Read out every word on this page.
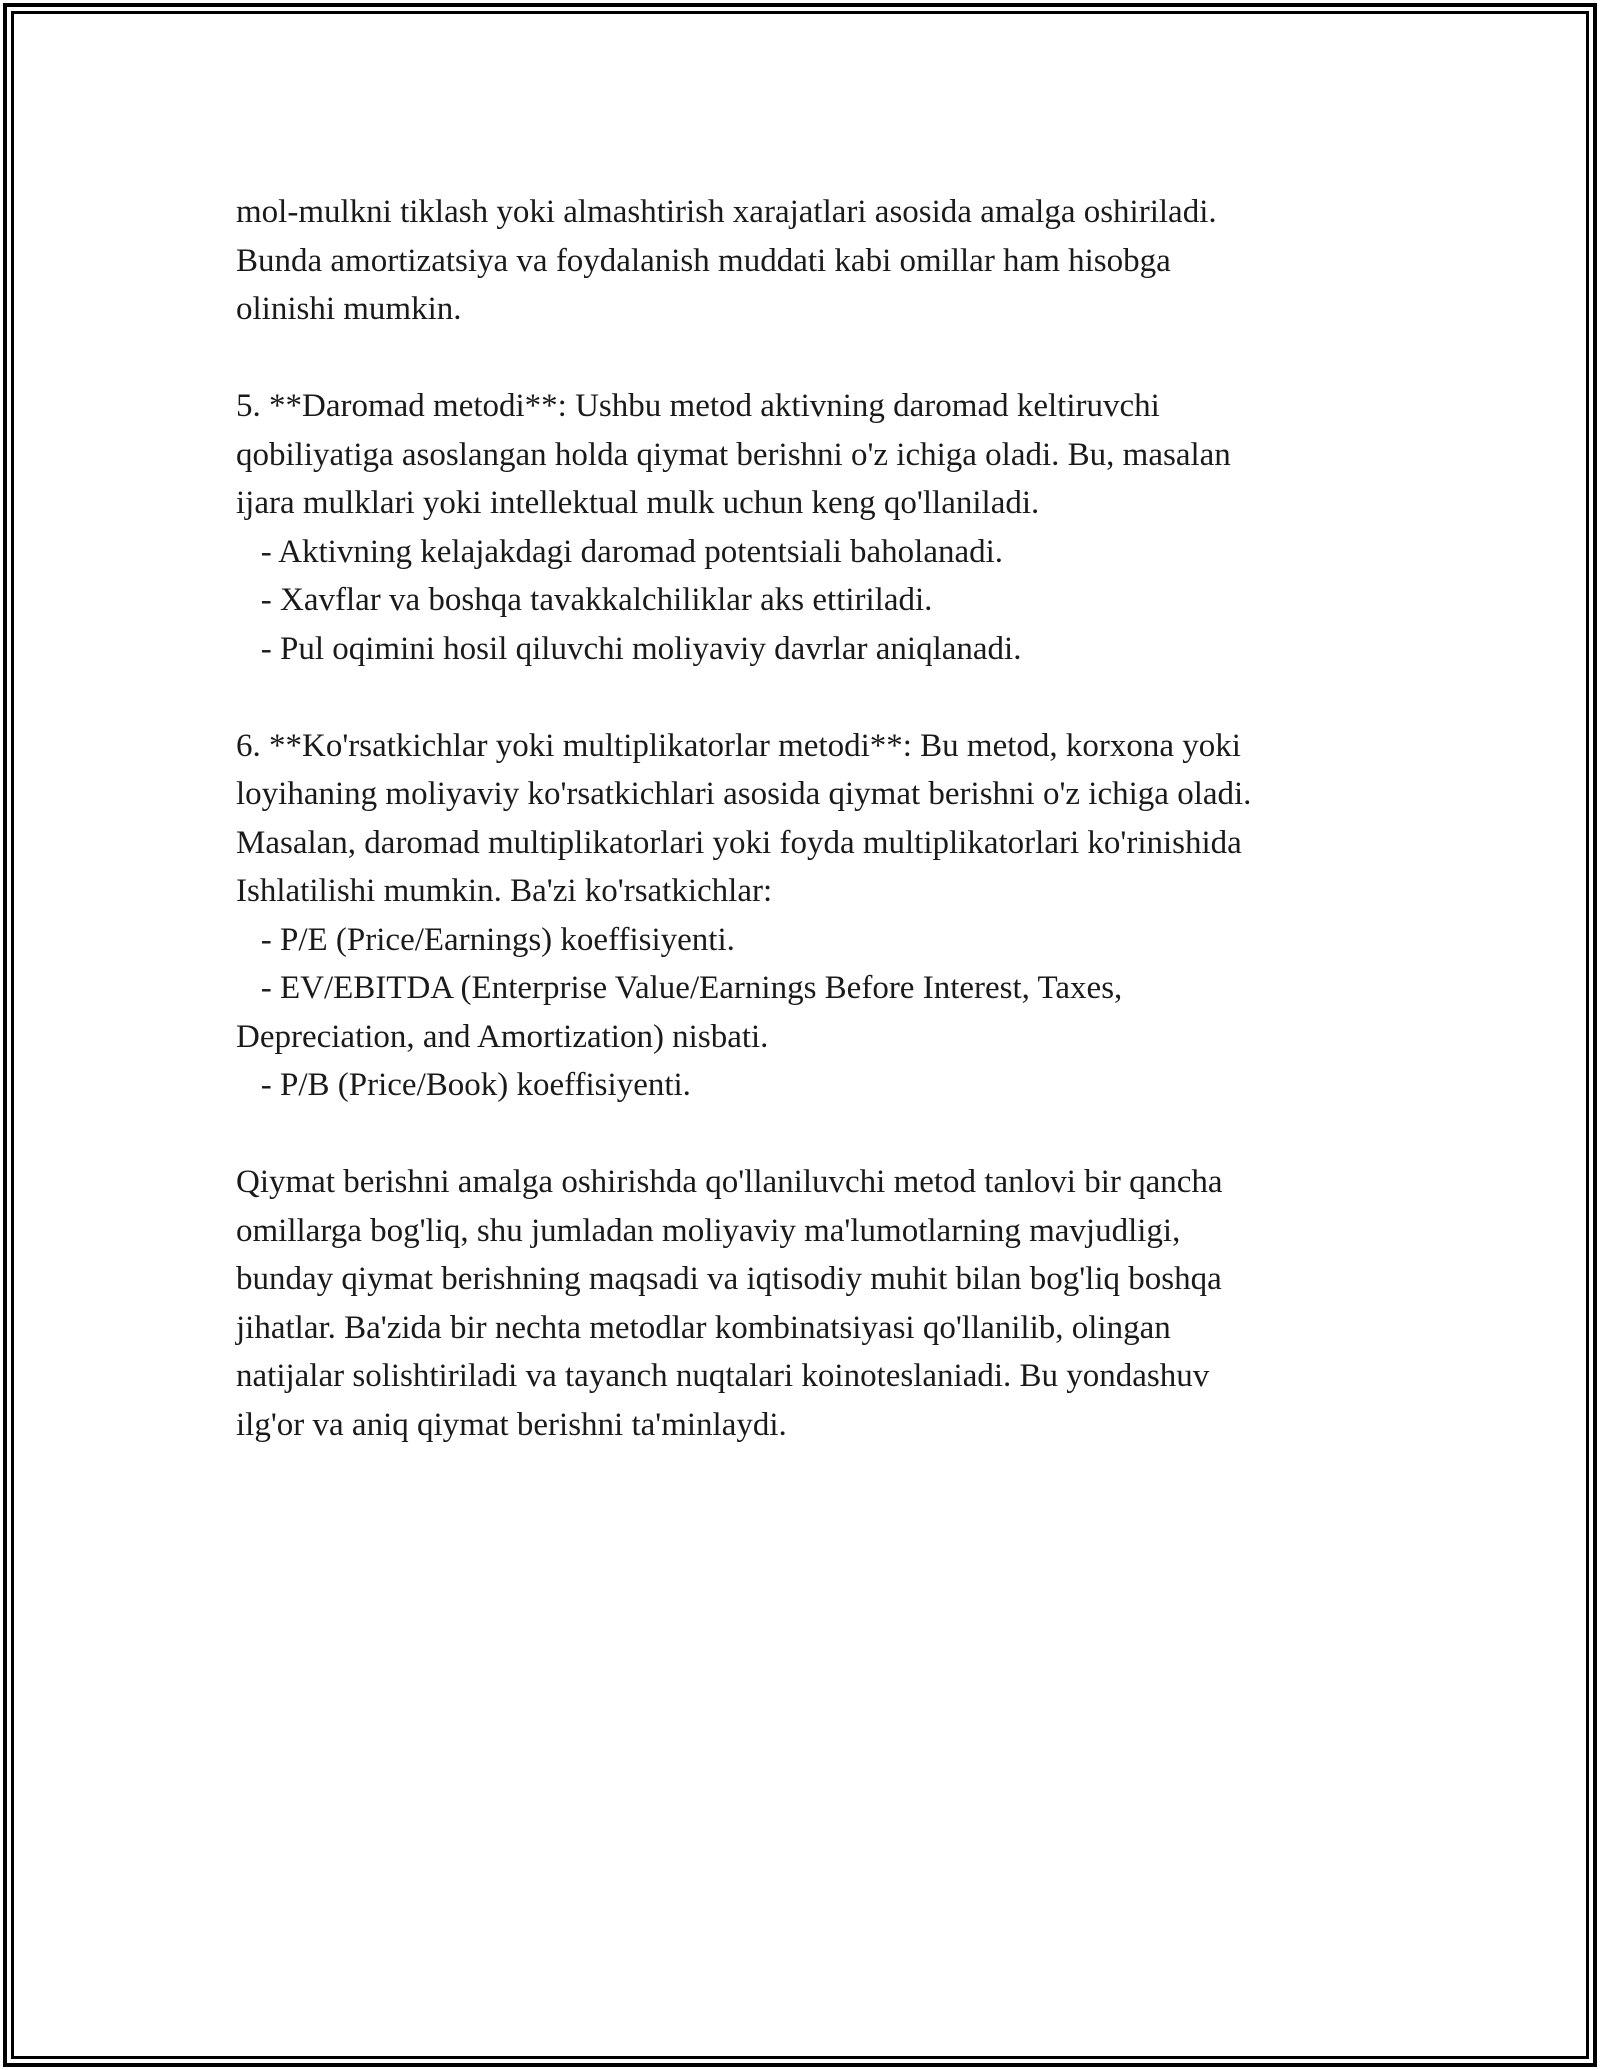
mol-mulkni tiklash yoki almashtirish xarajatlari asosida amalga oshiriladi.
Bunda amortizatsiya va foydalanish muddati kabi omillar ham hisobga
olinishi mumkin.

5. **Daromad metodi**: Ushbu metod aktivning daromad keltiruvchi
qobiliyatiga asoslangan holda qiymat berishni o'z ichiga oladi. Bu, masalan
ijara mulklari yoki intellektual mulk uchun keng qo'llaniladi.
- Aktivning kelajakdagi daromad potentsiali baholanadi.
- Xavflar va boshqa tavakkalchiliklar aks ettiriladi.
- Pul oqimini hosil qiluvchi moliyaviy davrlar aniqlanadi.

6. **Ko'rsatkichlar yoki multiplikatorlar metodi**: Bu metod, korxona yoki
loyihaning moliyaviy ko'rsatkichlari asosida qiymat berishni o'z ichiga oladi.
Masalan, daromad multiplikatorlari yoki foyda multiplikatorlari ko'rinishida
Ishlatilishi mumkin. Ba'zi ko'rsatkichlar:
- P/E (Price/Earnings) koeffisiyenti.
- EV/EBITDA (Enterprise Value/Earnings Before Interest, Taxes,
Depreciation, and Amortization) nisbati.
- P/B (Price/Book) koeffisiyenti.

Qiymat berishni amalga oshirishda qo'llaniluvchi metod tanlovi bir qancha
omillarga bog'liq, shu jumladan moliyaviy ma'lumotlarning mavjudligi,
bunday qiymat berishning maqsadi va iqtisodiy muhit bilan bog'liq boshqa
jihatlar. Ba'zida bir nechta metodlar kombinatsiyasi qo'llanilib, olingan
natijalar solishtiriladi va tayanch nuqtalari koinoteslaniadi. Bu yondashuv
ilg'or va aniq qiymat berishni ta'minlaydi.
